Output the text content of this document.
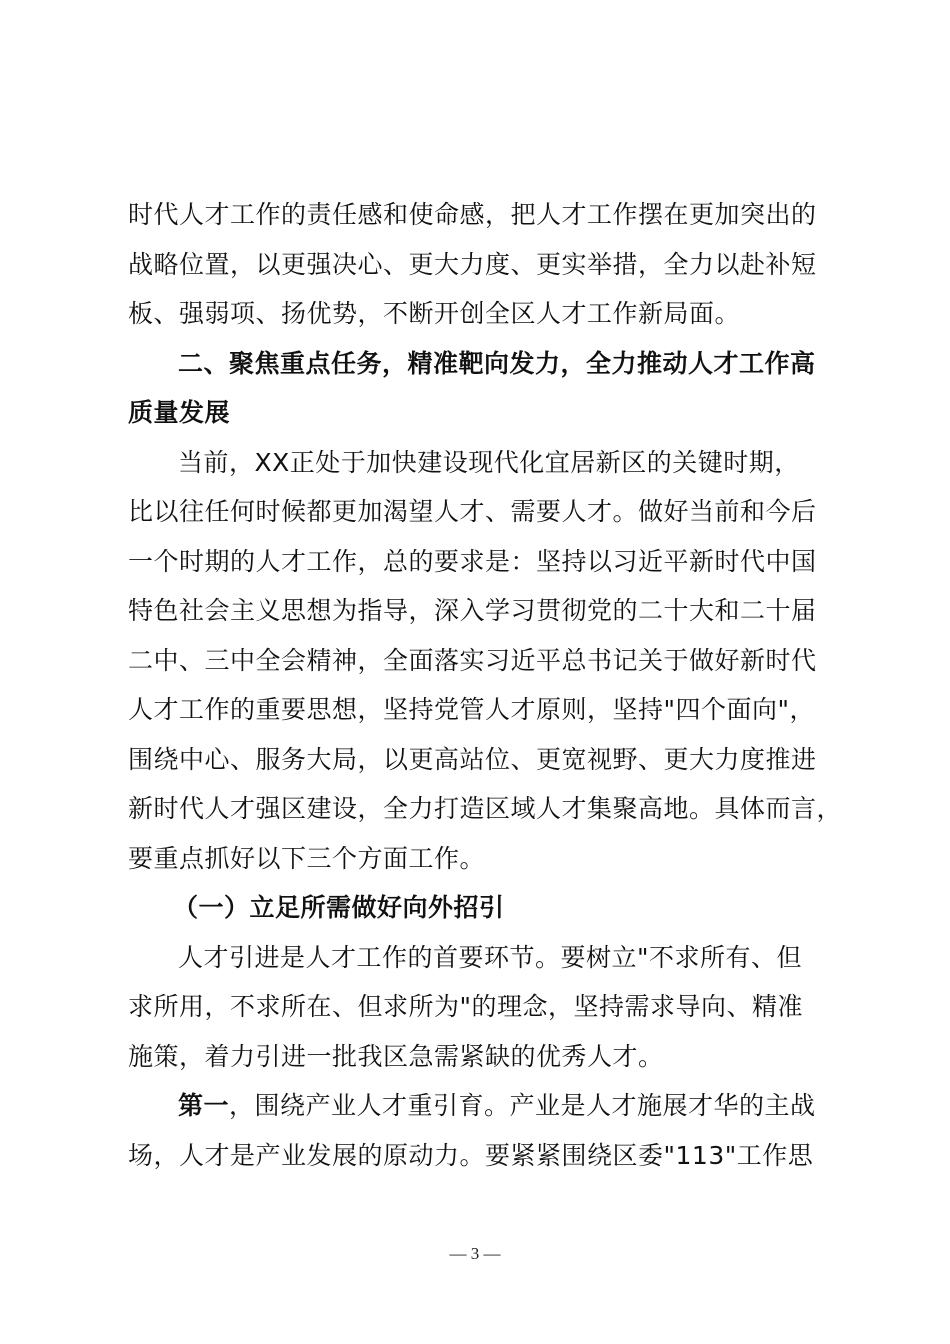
时代人才工作的责任感和使命感，把人才工作摆在更加突出的
战略位置，以更强决心、更大力度、更实举措，全力以赴补短
板、强弱项、扬优势，不断开创全区人才工作新局面。
二、聚焦重点任务，精准靶向发力，全力推动人才工作高
质量发展
当前，XX正处于加快建设现代化宜居新区的关键时期，
比以往任何时候都更加渴望人才、需要人才。做好当前和今后
一个时期的人才工作，总的要求是：坚持以习近平新时代中国
特色社会主义思想为指导，深入学习贯彻党的二十大和二十届
二中、三中全会精神，全面落实习近平总书记关于做好新时代
人才工作的重要思想，坚持党管人才原则，坚持"四个面向"，
围绕中心、服务大局，以更高站位、更宽视野、更大力度推进
新时代人才强区建设，全力打造区域人才集聚高地。具体而言，
要重点抓好以下三个方面工作。
（一）立足所需做好向外招引
人才引进是人才工作的首要环节。要树立"不求所有、但
求所用，不求所在、但求所为"的理念，坚持需求导向、精准
施策，着力引进一批我区急需紧缺的优秀人才。
第一，围绕产业人才重引育。产业是人才施展才华的主战
场，人才是产业发展的原动力。要紧紧围绕区委"113"工作思
— 3 —
